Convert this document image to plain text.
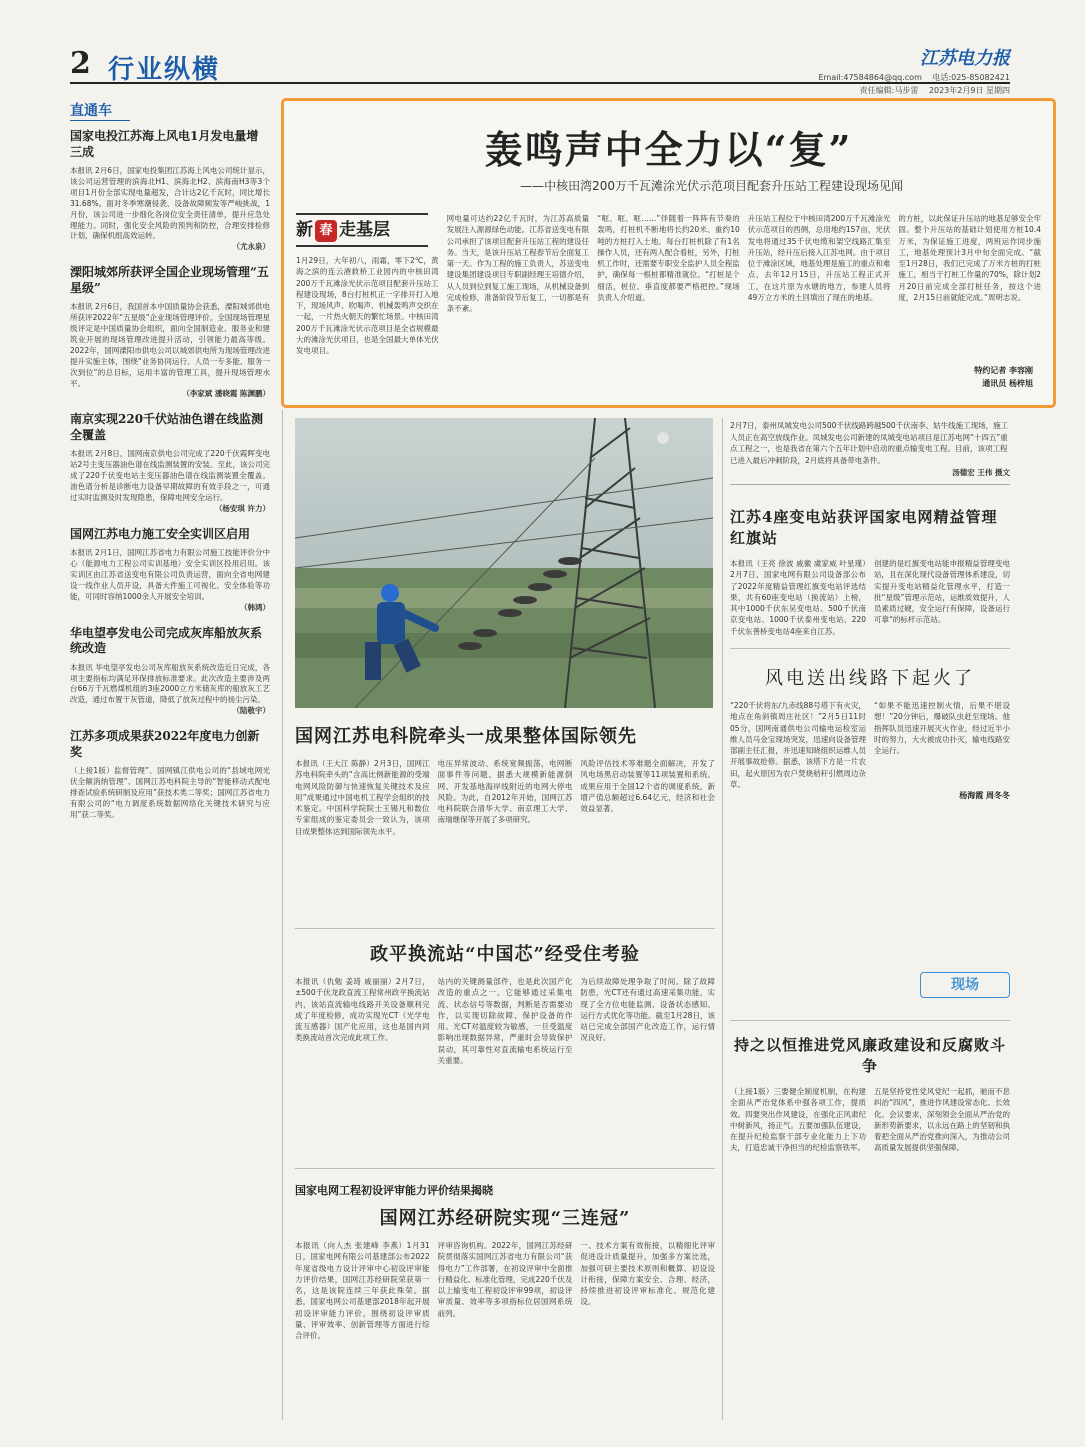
2 行业纵横	江苏电力报
Email:47584864@qq.com 电话:025-85082421
责任编辑:马步雷 2023年2月9日 星期四
直通车
国家电投江苏海上风电1月发电量增三成

本报讯 2月6日，国家电投集团江苏海上风电公司统计显示，该公司运营管理的滨海北H1、滨海北H2、滨海南H3等3个项目1月份全部实现电量超发，合计达2亿千瓦时，同比增长31.68%。面对冬季寒潮侵袭、设备故障频发等严峻挑战，1月份，该公司进一步细化各岗位安全责任清单，提升应急处理能力。同时，强化安全风险的预判和防控，合理安排检修计划，确保机组高效运转。

（尤永泉）

溧阳城郊所获评全国企业现场管理“五星级”

本报讯 2月6日，我国首本中国质量协会获悉，溧阳城郊供电所获评2022年“五星级”企业现场管理评价。全国现场管理星级评定是中国质量协会组织，面向全国制造业、服务业和建筑业开展的现场管理改进提升活动，引领能力最高等级。2022年，国网溧阳市供电公司以城郊供电所为现场管理改进提升实施主体，围绕“业务协同运行、人员一专多能、服务一次到位”的总目标，运用丰富的管理工具，提升现场管理水平。

（李家斌 潘晓霞 陈渊鹏）

南京实现220千伏站油色谱在线监测全覆盖

本报讯 2月8日，国网南京供电公司完成了220千伏霞晖变电站2号主变压器油色谱在线监测装置的安装。至此，该公司完成了220千伏变电站主变压器油色谱在线监测装置全覆盖。油色谱分析是诊断电力设备早期故障的有效手段之一，可通过实时监测及时发现隐患，保障电网安全运行。

（杨安琪 许力）

国网江苏电力施工安全实训区启用

本报讯 2月1日，国网江苏省电力有限公司施工技能评价分中心（能源电力工程公司实训基地）安全实训区投用启用。该实训区由江苏省送变电有限公司负责运营，面向全省电网建设一线作业人员开设，具备大件施工可视化、安全体验等功能，可同时容纳1000余人开展安全培训。

（韩鸿）

华电望亭发电公司完成灰库船放灰系统改造

本报讯 华电望亭发电公司灰库船放灰系统改造近日完成，各项主要指标均满足环保排放标准要求。此次改造主要涉及两台66万千瓦燃煤机组的3座2000立方米储灰库的船放灰工艺改造，通过布置干灰管道，降低了放灰过程中的扬尘污染。

（陆敬宇）

江苏多项成果获2022年度电力创新奖

（上接1版）监督管理”、国网镇江供电公司的“县域电网光伏全额消纳管理”、国网江苏电科院主导的“智能移动式配电排查试验系统研制及应用”获技术类二等奖；国网江苏省电力有限公司的“电力调度系统数据网络化关键技术研究与应用”获二等奖。

轰鸣声中全力以“复”
——中核田湾200万千瓦滩涂光伏示范项目配套升压站工程建设现场见闻

1月29日，大年初八，雨霜，零下2℃，黄海之滨的连云港救桥工业园内的中核田湾200万千瓦滩涂光伏示范项目配套升压站工程建设现场，8台打桩机正一字排开打入地下，现场风声、吹喝声、机械轰鸣声交织在一起，一片热火朝天的繁忙场景。中核田湾200万千瓦滩涂光伏示范项目是全省规模最大的滩涂光伏项目，也是全国最大单体光伏发电项目。

网电量可达约22亿千瓦时，为江苏高质量发展注入源源绿色动能。江苏省送变电有限公司承担了该项目配套升压站工程的建设任务。当天，是该升压站工程春节后全面复工第一天。作为工程的施工负责人，苏送变电建设集团建设项目专职副经理王培德介绍，从人员到位到复工施工现场，从机械设备到完成检修，准备阶段节后复工，一切都是有条不紊。

“哐、哐、哐……”伴随着一阵阵有节奏的轰鸣，打桩机不断地将长约20米、重约10吨的方桩打入土地。每台打桩机除了有1名操作人员，还有两人配合看桩，另外，打桩机工作时，还需要专职安全监护人员全程监护，确保每一根桩都精准就位。“打桩是个细活，桩位、垂直度都要严格把控。”现场负责人介绍道。

升压站工程位于中核田湾200万千瓦滩涂光伏示范项目的西侧，总用地约157亩，光伏发电将通过35千伏电缆和架空线路汇集至升压站，经升压后接入江苏电网。由于项目位于滩涂区域，地基处理是施工的重点和难点，去年12月15日，升压站工程正式开工，在这片原为水塘的地方，参建人员将49万立方米的土回填出了现在的地基。

的方桩，以此保证升压站的地基足够安全牢固。整个升压站的基础计划使用方桩10.4万米，为保证施工进度，两班运作同步施工，地基处理预计3月中旬全面完成。“截至1月28日，我们已完成了万米方桩的打桩施工，相当于打桩工作量的70%，除计划2月20日前完成全部打桩任务，按这个进度，2月15日前就能完成。”周明志说。

新 春 走基层
特约记者 李容刚
通讯员 杨梓旭

2月7日，泰州凤城发电公司500千伏线路跨越500千伏南李、姑牛线施工现场，施工人员正在高空放线作业。凤城发电公司新建的凤城变电站项目是江苏电网“十四五”重点工程之一，也是我省在第六个五年计划中启动的重点输变电工程。目前，该项工程已进入最后冲刺阶段，2月底将具备带电条件。

汤德宏 王伟 摄文

江苏4座变电站获评国家电网精益管理红旗站

本报讯（王亮 徐波 戚徽 虞家威 叶星瑾）2月7日，国家电网有限公司设备部公布了2022年度精益管理红旗变电站评选结果，共有60座变电站（换流站）上榜，其中1000千伏东吴变电站、500千伏南京变电站、1000千伏泰州变电站、220千伏东善桥变电站4座来自江苏。

创建的是红旗变电站能申报精益管理变电站，且在深化现代设备管理体系建设，切实提升变电站精益化管理水平，打造一批“星级”管理示范站，运维质效提升，人员素质过硬，安全运行有保障，设备运行可靠“的标杆示范站。

风电送出线路下起火了

“220千伏将东/九赤线88号塔下有火灾，地点在角斜镇周庄社区！”2月5日11时05分，国网南通供电公司输电运检室运维人员马金宝现场突发，迅速向设备管理部副主任汇报，并迅速知晓组织运维人员开展事故抢修。据悉，该塔下方是一片农田，起火原因为农户焚烧秸秆引燃周边杂草。

“如果不能迅速控制火情，后果不堪设想！”20分钟后，爆破队虫赶至现场。他指挥队员迅速开展灭火作业，经过近半小时的努力，大火被成功扑灭，输电线路安全运行。

杨海霞 周冬冬

现场
国网江苏电科院牵头一成果整体国际领先

本报讯（王大江 陈静）2月3日，国网江苏电科院牵头的“含高比例新能源的受端电网风险防御与快速恢复关键技术及应用”成果通过中国电机工程学会组织的技术鉴定。中国科学院院士王锡凡和数位专家组成的鉴定委员会一致认为，该项目成果整体达到国际领先水平。

电压异常波动、系统宽频振荡，电网断面事件等问题。据悉大规模新能源倒网、开发基地海岸线附近的电网大停电风险。为此，自2012年开始，国网江苏电科院联合清华大学、南京理工大学、南瑞继保等开展了多项研究。

风险评估技术等难题全面解决，开发了风电场黑启动装置等11项装置和系统。成果应用于全国12个省的调度系统，新增产值总额超过6.64亿元，经济和社会效益显著。

政平换流站“中国芯”经受住考验

本报讯（仇勉 姜琦 戚丽丽）2月7日，±500千伏龙政直流工程常州政平换流站内，该站直流输电线路开关设备顺利完成了年度检修，成功实现光CT（光学电流互感器）国产化应用，这也是国内同类换流站首次完成此项工作。

站内的关键测量部件，也是此次国产化改造的重点之一。它能够通过采集电流、状态信号等数据，判断是否需要动作，以实现切除故障、保护设备的作用。光CT对温度较为敏感，一旦受温度影响出现数据异常，严重时会导致保护误动，其可靠性对直流输电系统运行至关重要。

为后续故障处理争取了时间。除了故障防患，光CT还有通过高速采集功能，实现了全方位电能监测、设备状态感知、运行方式优化等功能。截至1月28日，该站已完成全部国产化改造工作，运行情况良好。	持之以恒推进党风廉政建设和反腐败斗争

（上接1版）三要健全制度机制，在构建全面从严治党体系中强各项工作，提质效。四要突出作风建设，在强化正风肃纪中树新风，扬正气。五要加强队伍建设，在提升纪检监察干部专业化能力上下功夫，打造忠诚干净担当的纪检监察铁军。

五是坚持党性党风党纪一起抓，驰而不息纠治“四风”，推进作风建设常态化、长效化。会议要求，深刻领会全面从严治党的新形势新要求，以永远在路上的坚韧和执着把全面从严治党推向深入，为推动公司高质量发展提供坚强保障。

国家电网工程初设评审能力评价结果揭晓

国网江苏经研院实现“三连冠”

本报讯（向人杰 张建峰 李燕）1月31日，国家电网有限公司基建部公布2022年度省级电力设计评审中心初设评审能力评价结果，国网江苏经研院荣获第一名，这是该院连续三年获此殊荣。据悉，国家电网公司基建部2018年起开展初设评审能力评价，围绕初设评审质量、评审效率、创新管理等方面进行综合评价。

评审咨询机构。2022年，国网江苏经研院贯彻落实国网江苏省电力有限公司“获得电力”工作部署，在初设评审中全面推行精益化、标准化管理，完成220千伏及以上输变电工程初设评审99项，初设评审质量、效率等多项指标位居国网系统前列。

一、技术方案有效衔接，以精细化评审促进设计质量提升，加强多方案比选，加强可研主要技术原则和概算、初设设计衔接，保障方案安全、合理、经济，持续推进初设评审标准化、规范化建设。
